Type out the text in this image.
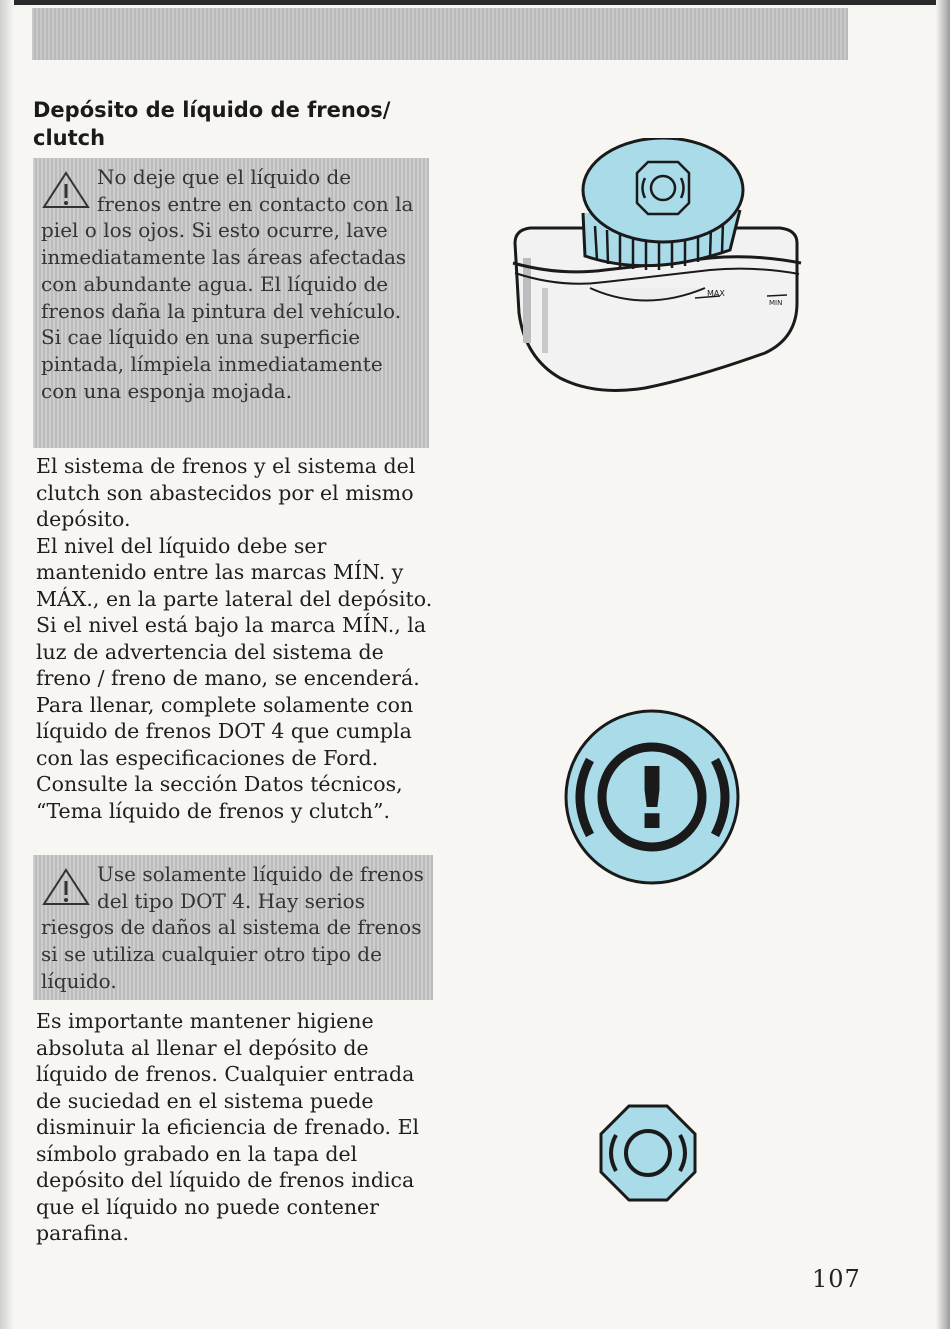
Depósito de líquido de frenos/ clutch
No deje que el líquido de frenos entre en contacto con la piel o los ojos. Si esto ocurre, lave inmediatamente las áreas afectadas con abundante agua. El líquido de frenos daña la pintura del vehículo. Si cae líquido en una superficie pintada, límpiela inmediatamente con una esponja mojada.

El sistema de frenos y el sistema del clutch son abastecidos por el mismo depósito.

El nivel del líquido debe ser mantenido entre las marcas MÍN. y MÁX., en la parte lateral del depósito. Si el nivel está bajo la marca MÍN., la luz de advertencia del sistema de freno / freno de mano, se encenderá. Para llenar, complete solamente con líquido de frenos DOT 4 que cumpla con las especificaciones de Ford. Consulte la sección Datos técnicos, “Tema líquido de frenos y clutch”.

Use solamente líquido de frenos del tipo DOT 4. Hay serios riesgos de daños al sistema de frenos si se utiliza cualquier otro tipo de líquido.

Es importante mantener higiene absoluta al llenar el depósito de líquido de frenos. Cualquier entrada de suciedad en el sistema puede disminuir la eficiencia de frenado. El símbolo grabado en la tapa del depósito del líquido de frenos indica que el líquido no puede contener parafina.

MAX
MIN
!
107
